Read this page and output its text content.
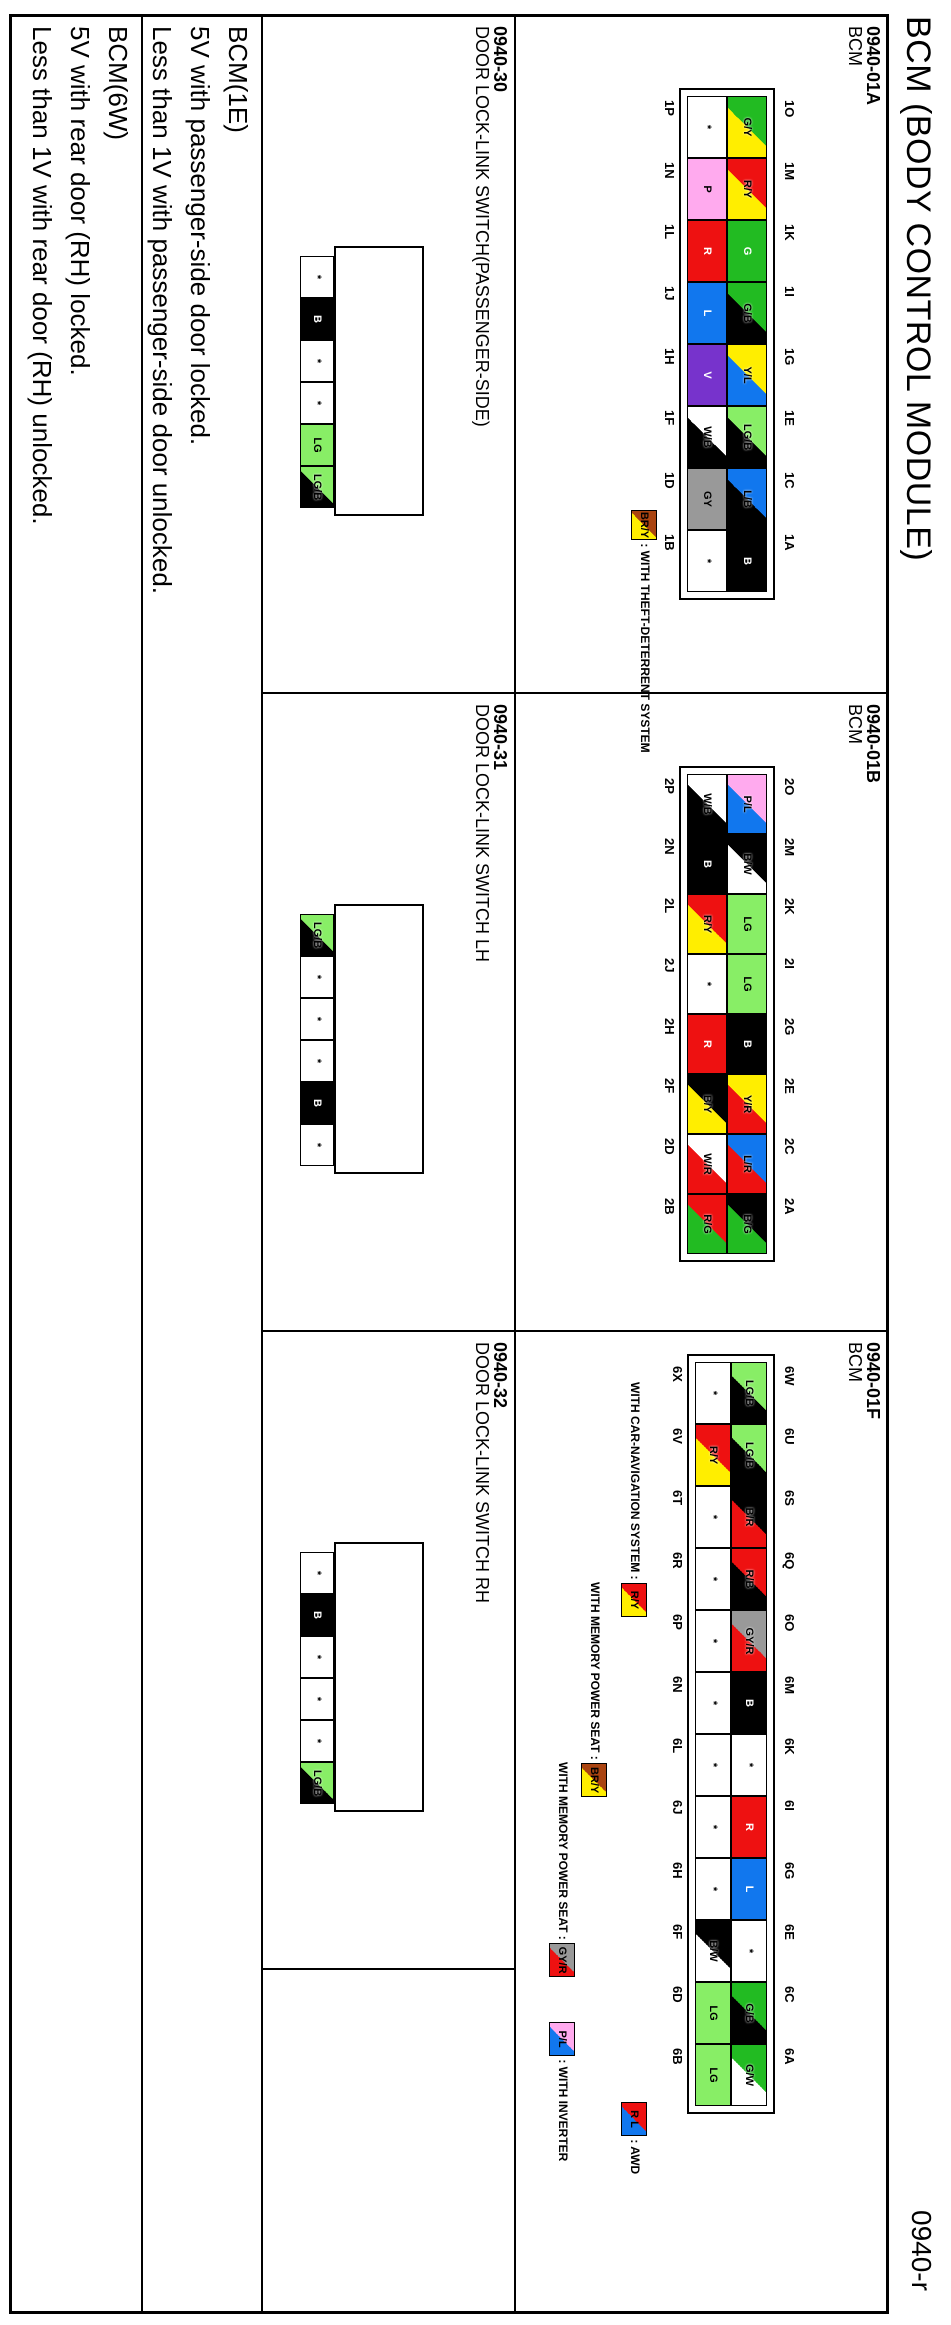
BCM (BODY CONTROL MODULE)
0940-r
0940-01A
BCM
G/Y
R/Y
G
G/B
Y/L
LG/B
L/B
B
*
P
R
L
V
W/B
GY
*
1O
1M
1K
1I
1G
1E
1C
1A
1P
1N
1L
1J
1H
1F
1D
1B
BR/Y : WITH THEFT-DETERRENT SYSTEM	0940-01B
BCM
P/L
B/W
LG
LG
B
Y/R
L/R
B/G
W/B
B
R/Y
*
R
B/Y
W/R
R/G
2O
2M
2K
2I
2G
2E
2C
2A
2P
2N
2L
2J
2H
2F
2D
2B
0940-01F
BCM
LG/B
LG/B
B/R
R/B
GY/R
B
*
R
L
*
G/B
G/W
*
R/Y
*
*
*
*
*
*
*
B/W
LG
LG
6W
6U
6S
6Q
6O
6M
6K
6I
6G
6E
6C
6A
6X
6V
6T
6R
6P
6N
6L
6J
6H
6F
6D
6B
WITH CAR-NAVIGATION SYSTEM : R/Y
WITH MEMORY POWER SEAT : BR/Y
WITH MEMORY POWER SEAT : GY/R
P/L : WITH INVERTER	R L : AWD
0940-30
DOOR LOCK-LINK SWITCH(PASSENGER-SIDE)
*
B
*
*
LG
LG/B
0940-31
DOOR LOCK-LINK SWITCH LH
LG/B
*
*
*
B
*
0940-32
DOOR LOCK-LINK SWITCH RH
*
B
*
*
*
LG/B
BCM(1E)
5V with passenger-side door locked.
Less than 1V with passenger-side door unlocked.
BCM(6W)
5V with rear door (RH) locked.
Less than 1V with rear door (RH) unlocked.
